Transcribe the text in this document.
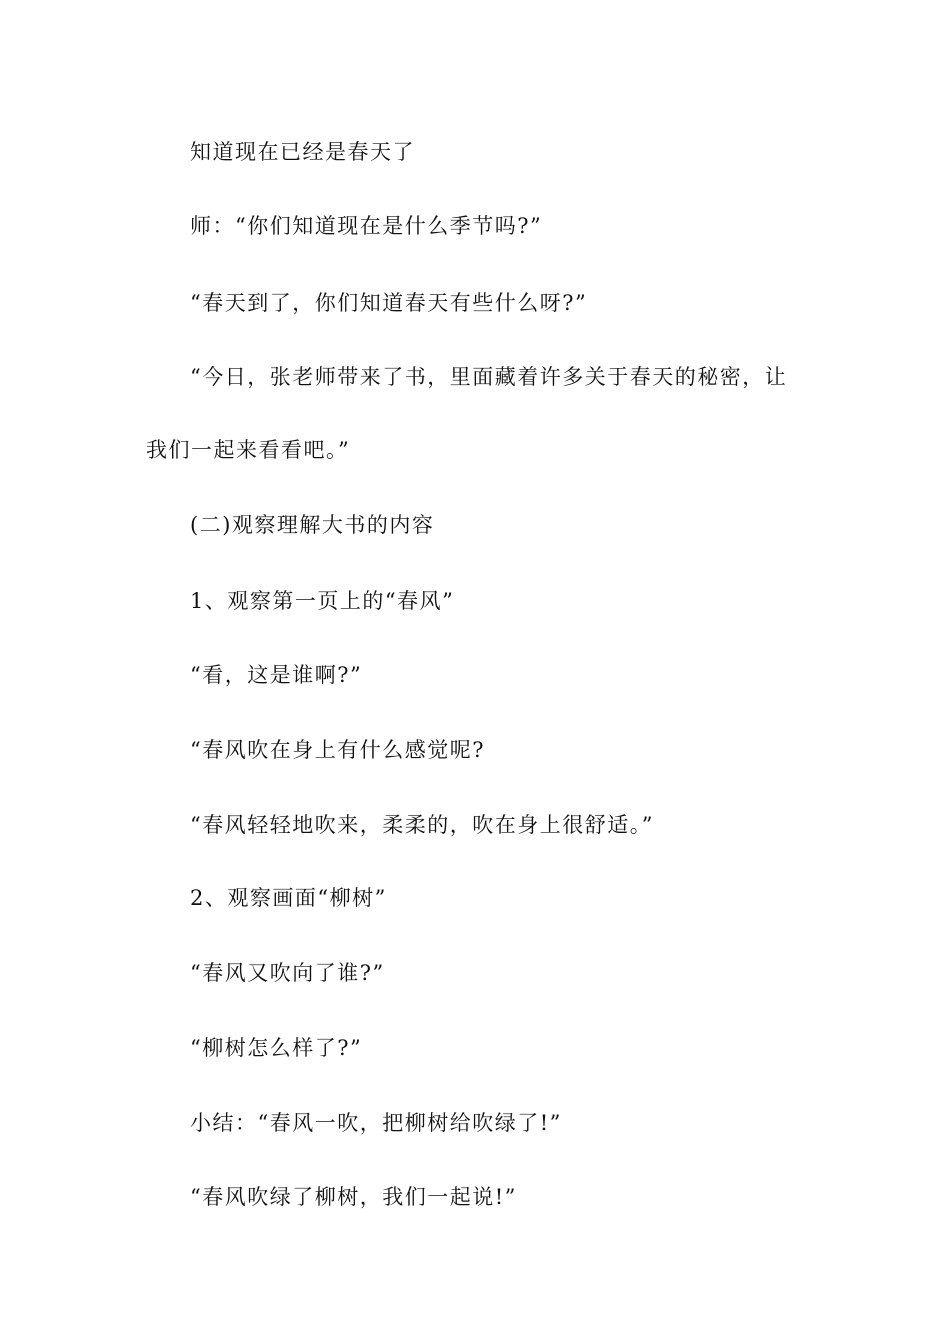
知道现在已经是春天了
师：“你们知道现在是什么季节吗?”
“春天到了，你们知道春天有些什么呀?”
“今日，张老师带来了书，里面藏着许多关于春天的秘密，让
我们一起来看看吧。”
(二)观察理解大书的内容
1、观察第一页上的“春风”
“看，这是谁啊?”
“春风吹在身上有什么感觉呢?
“春风轻轻地吹来，柔柔的，吹在身上很舒适。”
2、观察画面“柳树”
“春风又吹向了谁?”
“柳树怎么样了?”
小结：“春风一吹，把柳树给吹绿了!”
“春风吹绿了柳树，我们一起说!”
